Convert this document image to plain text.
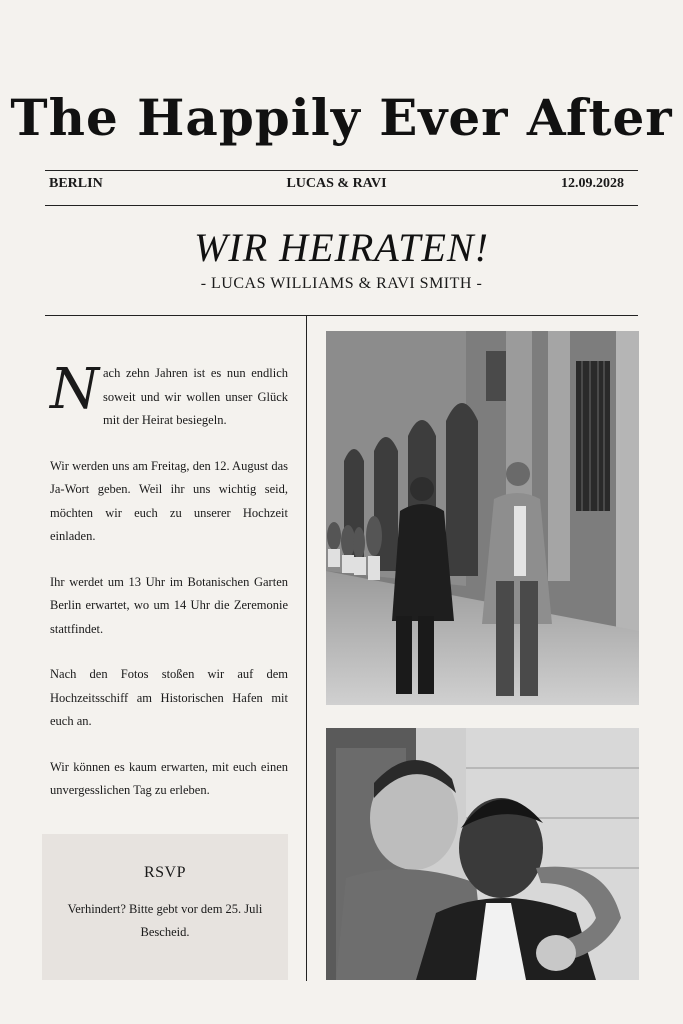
The Happily Ever After
BERLIN	LUCAS & RAVI	12.09.2028
WIR HEIRATEN!
- LUCAS WILLIAMS & RAVI SMITH -

Nach zehn Jahren ist es nun endlich soweit und wir wollen unser Glück mit der Heirat besiegeln.

Wir werden uns am Freitag, den 12. August das Ja-Wort geben. Weil ihr uns wichtig seid, möchten wir euch zu unserer Hochzeit einladen.

Ihr werdet um 13 Uhr im Botanischen Garten Berlin erwartet, wo um 14 Uhr die Zeremonie stattfindet.

Nach den Fotos stoßen wir auf dem Hochzeitsschiff am Historischen Hafen mit euch an.

Wir können es kaum erwarten, mit euch einen unvergesslichen Tag zu erleben.

RSVP
Verhindert? Bitte gebt vor dem 25. Juli Bescheid.
